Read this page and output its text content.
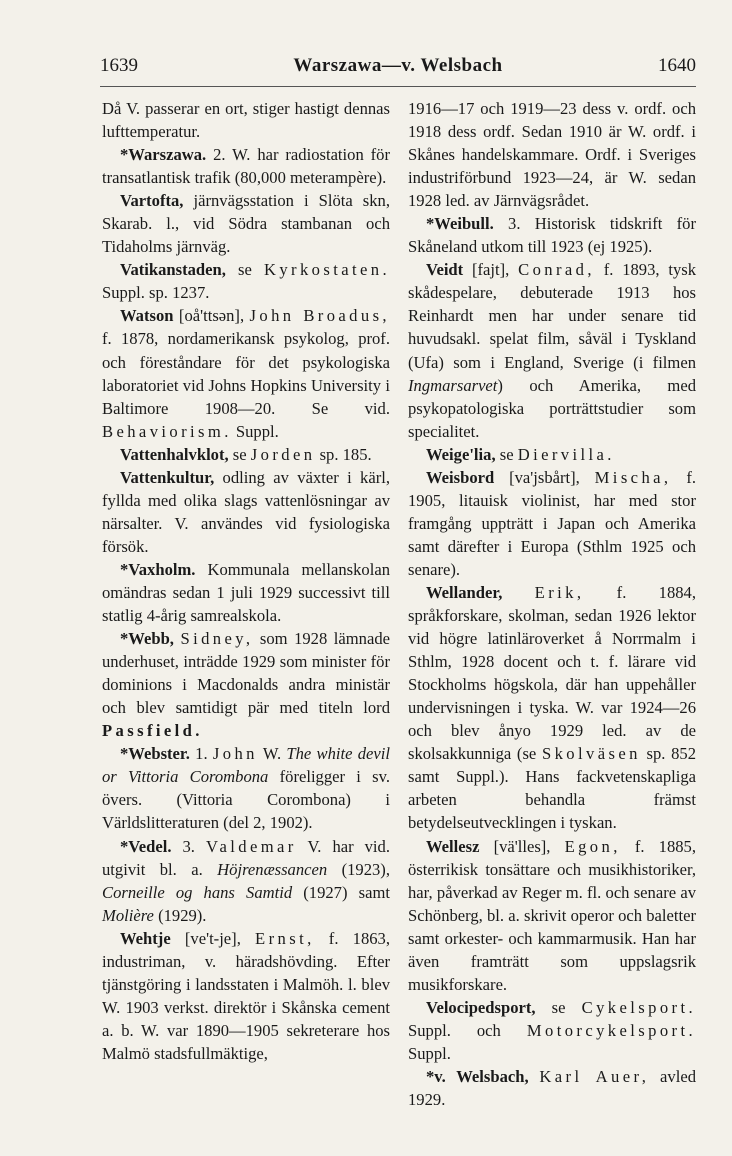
1639	Warszawa—v. Welsbach	1640

Då V. passerar en ort, stiger hastigt dennas lufttemperatur.

*Warszawa. 2. W. har radiostation för transatlantisk trafik (80,000 meterampère).

Vartofta, järnvägsstation i Slöta skn, Skarab. l., vid Södra stambanan och Tidaholms järnväg.

Vatikanstaden, se Kyrkostaten. Suppl. sp. 1237.

Watson [oå'ttsən], John Broadus, f. 1878, nordamerikansk psykolog, prof. och föreståndare för det psykologiska laboratoriet vid Johns Hopkins University i Baltimore 1908—20. Se vid. Behaviorism. Suppl.

Vattenhalvklot, se Jorden sp. 185.

Vattenkultur, odling av växter i kärl, fyllda med olika slags vattenlösningar av närsalter. V. användes vid fysiologiska försök.

*Vaxholm. Kommunala mellanskolan omändras sedan 1 juli 1929 successivt till statlig 4-årig samrealskola.

*Webb, Sidney, som 1928 lämnade underhuset, inträdde 1929 som minister för dominions i Macdonalds andra ministär och blev samtidigt pär med titeln lord Passfield.

*Webster. 1. John W. The white devil or Vittoria Corombona föreligger i sv. övers. (Vittoria Corombona) i Världslitteraturen (del 2, 1902).

*Vedel. 3. Valdemar V. har vid. utgivit bl. a. Höjrenæssancen (1923), Corneille og hans Samtid (1927) samt Molière (1929).

Wehtje [ve't-je], Ernst, f. 1863, industriman, v. häradshövding. Efter tjänstgöring i landsstaten i Malmöh. l. blev W. 1903 verkst. direktör i Skånska cement a. b. W. var 1890—1905 sekreterare hos Malmö stadsfullmäktige,

1916—17 och 1919—23 dess v. ordf. och 1918 dess ordf. Sedan 1910 är W. ordf. i Skånes handelskammare. Ordf. i Sveriges industriförbund 1923—24, är W. sedan 1928 led. av Järnvägsrådet.

*Weibull. 3. Historisk tidskrift för Skåneland utkom till 1923 (ej 1925).

Veidt [fajt], Conrad, f. 1893, tysk skådespelare, debuterade 1913 hos Reinhardt men har under senare tid huvudsakl. spelat film, såväl i Tyskland (Ufa) som i England, Sverige (i filmen Ingmarsarvet) och Amerika, med psykopatologiska porträttstudier som specialitet.

Weige'lia, se Diervilla.

Weisbord [va'jsbårt], Mischa, f. 1905, litauisk violinist, har med stor framgång uppträtt i Japan och Amerika samt därefter i Europa (Sthlm 1925 och senare).

Wellander, Erik, f. 1884, språkforskare, skolman, sedan 1926 lektor vid högre latinläroverket å Norrmalm i Sthlm, 1928 docent och t. f. lärare vid Stockholms högskola, där han uppehåller undervisningen i tyska. W. var 1924—26 och blev ånyo 1929 led. av de skolsakkunniga (se Skolväsen sp. 852 samt Suppl.). Hans fackvetenskapliga arbeten behandla främst betydelseutvecklingen i tyskan.

Wellesz [vä'lles], Egon, f. 1885, österrikisk tonsättare och musikhistoriker, har, påverkad av Reger m. fl. och senare av Schönberg, bl. a. skrivit operor och baletter samt orkester- och kammarmusik. Han har även framträtt som uppslagsrik musikforskare.

Velocipedsport, se Cykelsport. Suppl. och Motorcykelsport. Suppl.

*v. Welsbach, Karl Auer, avled 1929.
